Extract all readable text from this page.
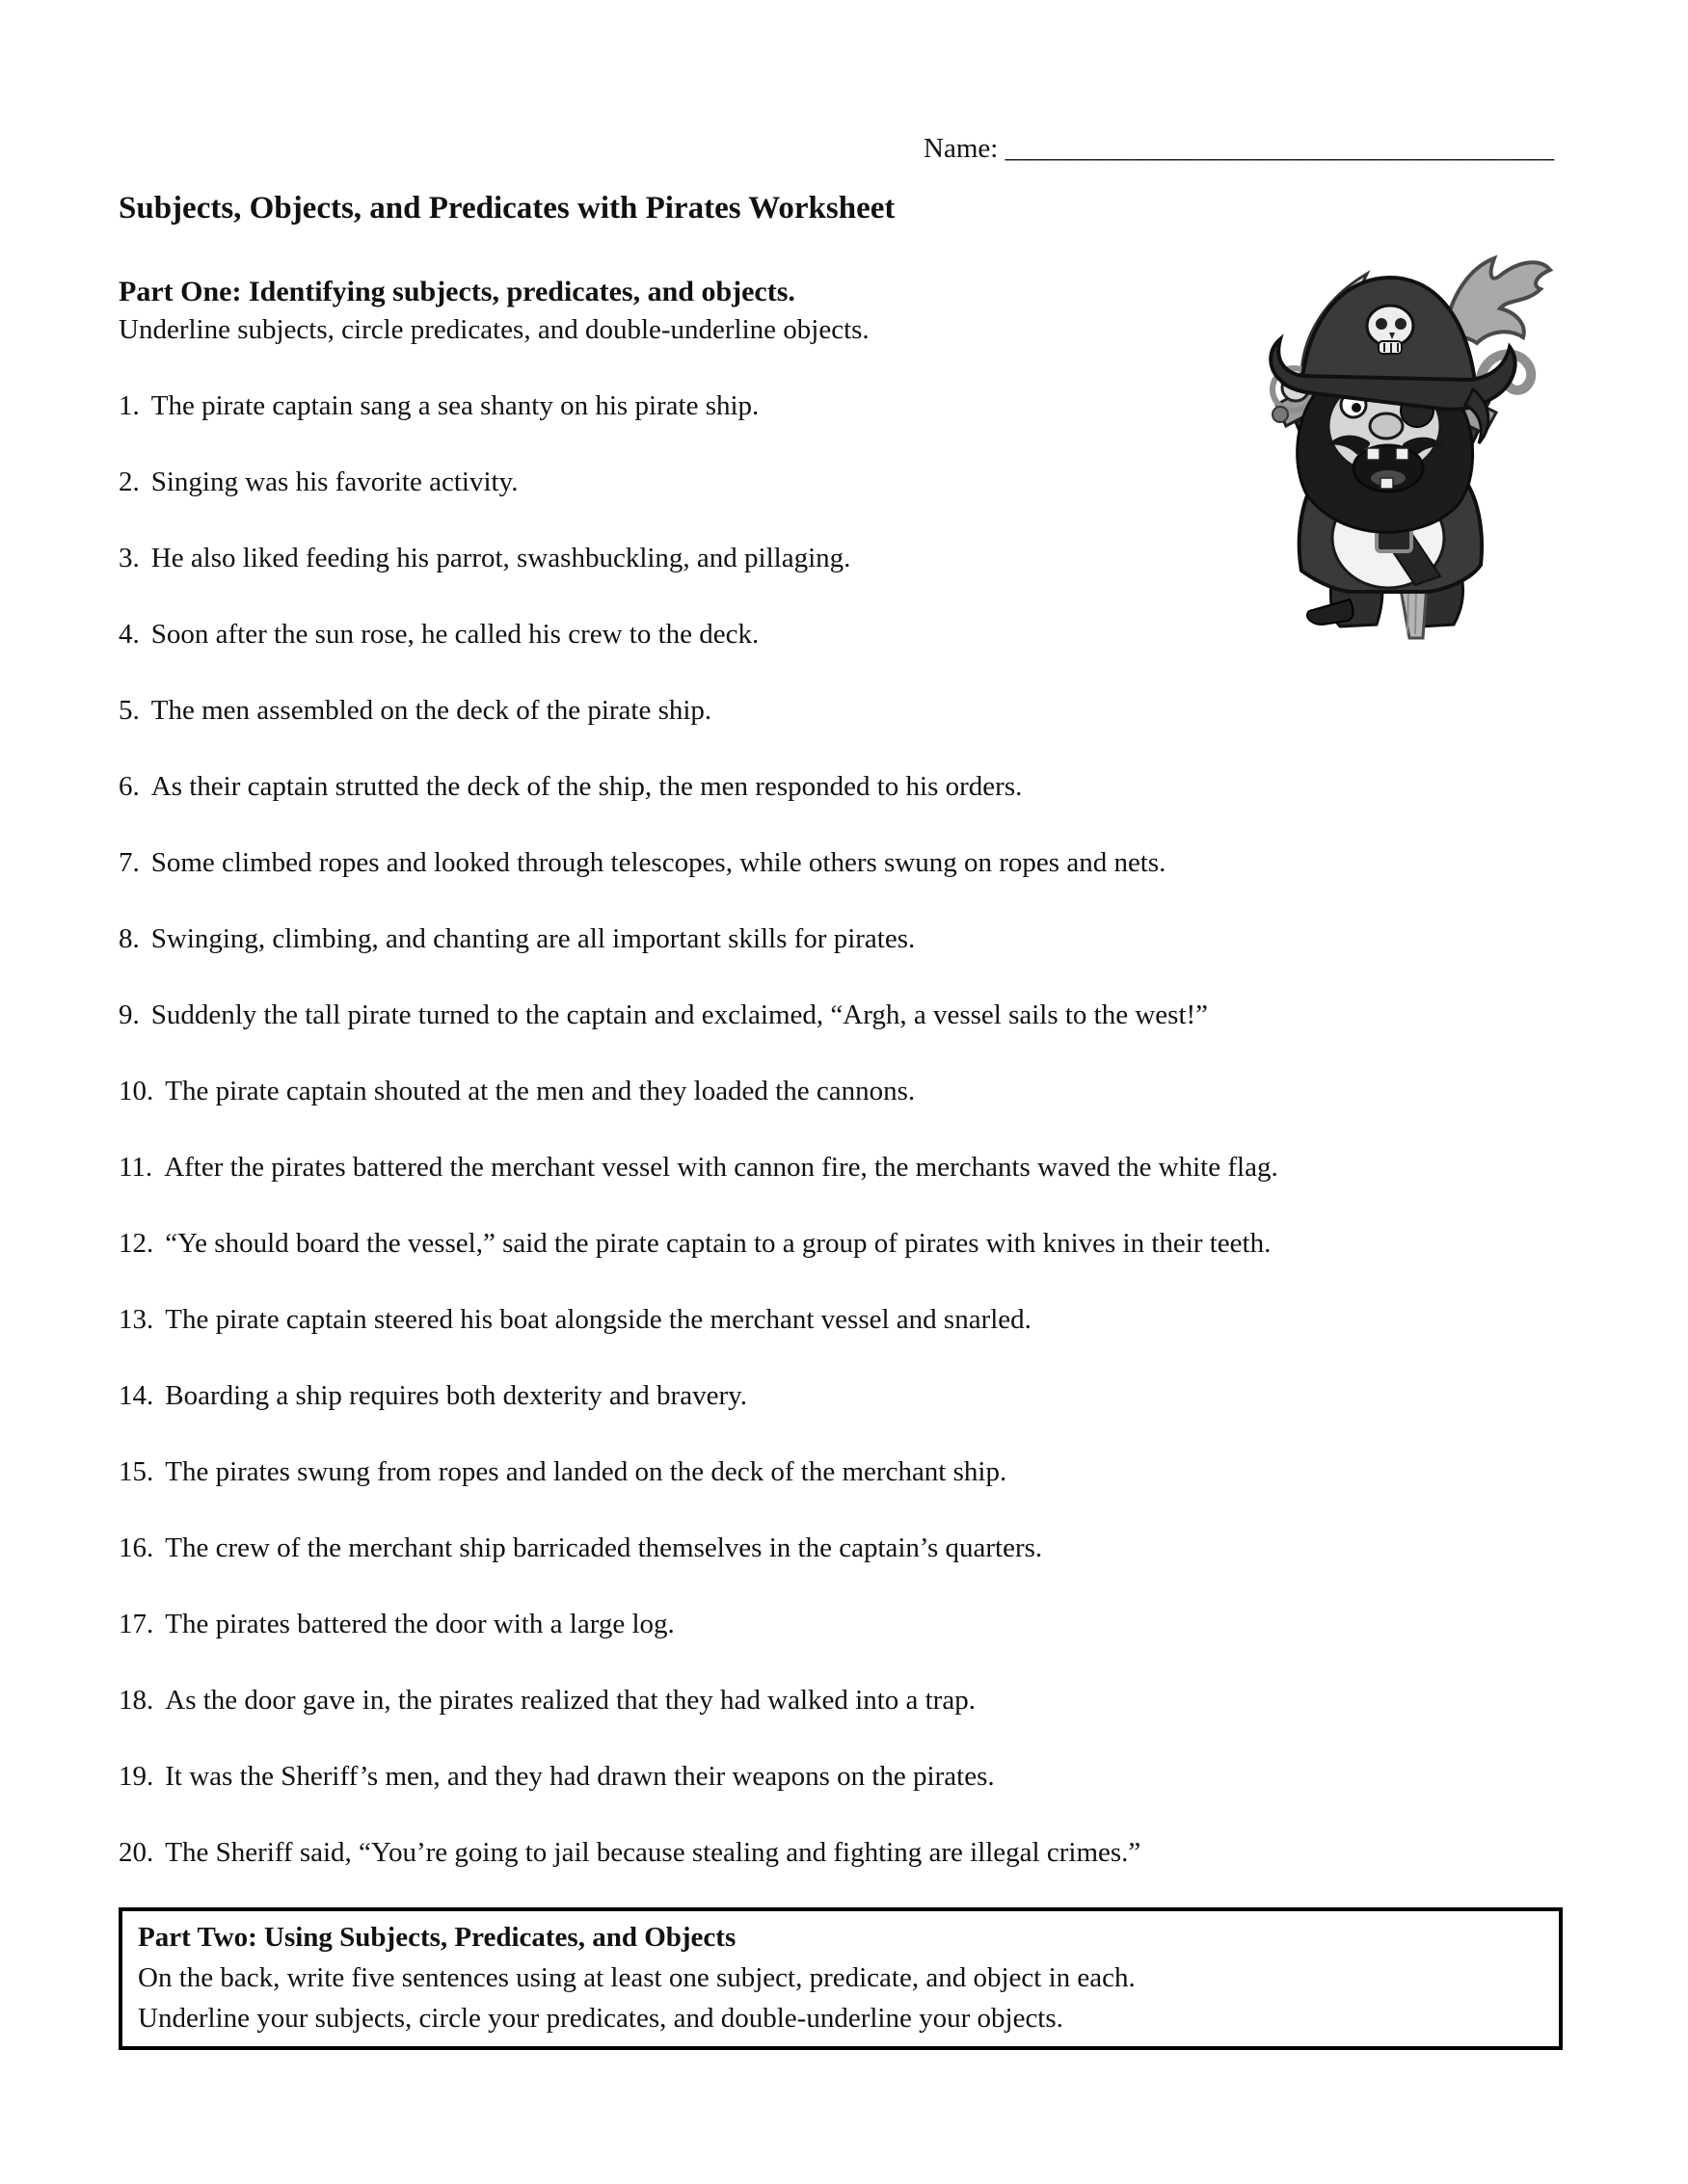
Name: ______________________________________
Subjects, Objects, and Predicates with Pirates Worksheet
Part One: Identifying subjects, predicates, and objects.
Underline subjects, circle predicates, and double-underline objects.
1. The pirate captain sang a sea shanty on his pirate ship.
2. Singing was his favorite activity.
3. He also liked feeding his parrot, swashbuckling, and pillaging.
4. Soon after the sun rose, he called his crew to the deck.
5. The men assembled on the deck of the pirate ship.
6. As their captain strutted the deck of the ship, the men responded to his orders.
7. Some climbed ropes and looked through telescopes, while others swung on ropes and nets.
8. Swinging, climbing, and chanting are all important skills for pirates.
9. Suddenly the tall pirate turned to the captain and exclaimed, “Argh, a vessel sails to the west!”
10. The pirate captain shouted at the men and they loaded the cannons.
11. After the pirates battered the merchant vessel with cannon fire, the merchants waved the white flag.
12. “Ye should board the vessel,” said the pirate captain to a group of pirates with knives in their teeth.
13. The pirate captain steered his boat alongside the merchant vessel and snarled.
14. Boarding a ship requires both dexterity and bravery.
15. The pirates swung from ropes and landed on the deck of the merchant ship.
16. The crew of the merchant ship barricaded themselves in the captain’s quarters.
17. The pirates battered the door with a large log.
18. As the door gave in, the pirates realized that they had walked into a trap.
19. It was the Sheriff’s men, and they had drawn their weapons on the pirates.
20. The Sheriff said, “You’re going to jail because stealing and fighting are illegal crimes.”
Part Two: Using Subjects, Predicates, and Objects
On the back, write five sentences using at least one subject, predicate, and object in each.
Underline your subjects, circle your predicates, and double-underline your objects.
